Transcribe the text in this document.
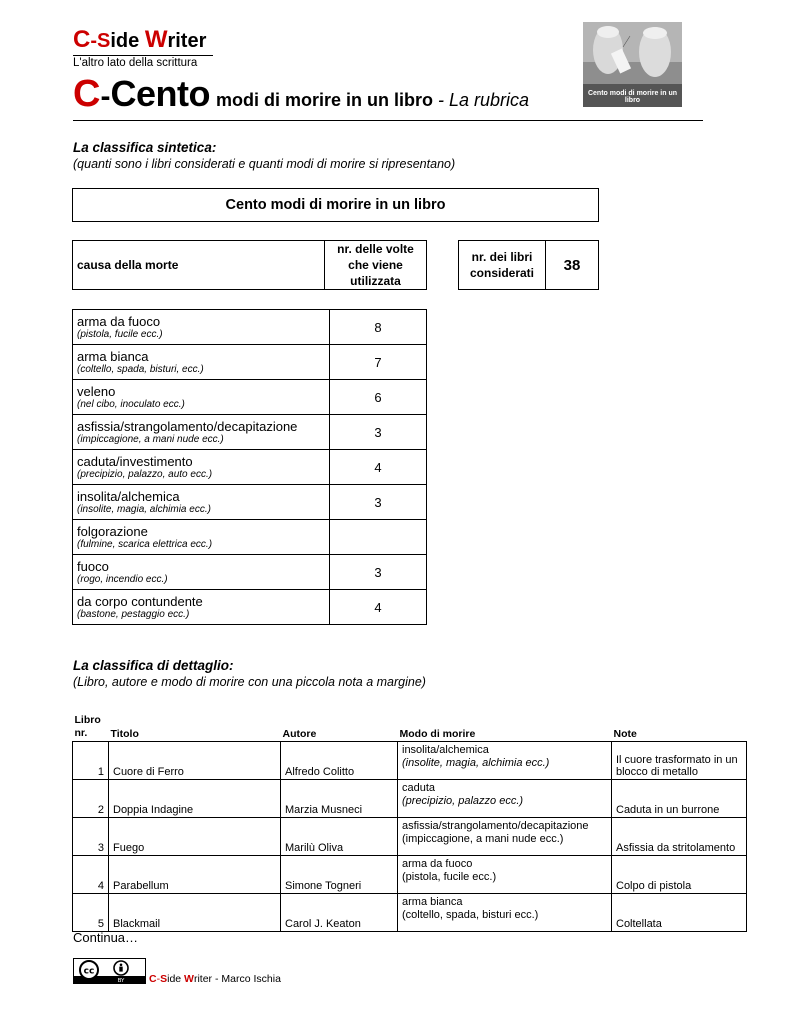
C-Side Writer
L'altro lato della scrittura
C-Cento modi di morire in un libro - La rubrica	Cento modi di morire in un libro
La classifica sintetica:
(quanti sono i libri considerati e quanti modi di morire si ripresentano)
Cento modi di morire in un libro
causa della morte
nr. delle volte che viene utilizzata
nr. dei libri considerati	38
arma da fuoco
(pistola, fucile ecc.)	8

arma bianca
(coltello, spada, bisturi, ecc.)	7

veleno
(nel cibo, inoculato ecc.)	6

asfissia/strangolamento/decapitazione
(impiccagione, a mani nude ecc.)	3

caduta/investimento
(precipizio, palazzo, auto ecc.)	4

insolita/alchemica
(insolite, magia, alchimia ecc.)	3

folgorazione
(fulmine, scarica elettrica ecc.)	

fuoco
(rogo, incendio ecc.)	3

da corpo contundente
(bastone, pestaggio ecc.)	4
La classifica di dettaglio:
(Libro, autore e modo di morire con una piccola nota a margine)
Libro
nr.	Titolo	Autore	Modo di morire	Note
1	Cuore di Ferro	Alfredo Colitto	insolita/alchemica
(insolite, magia, alchimia ecc.)	Il cuore trasformato in un blocco di metallo
2	Doppia Indagine	Marzia Musneci	caduta
(precipizio, palazzo ecc.)	Caduta in un burrone
3	Fuego	Marilù Oliva	asfissia/strangolamento/decapitazione
(impiccagione, a mani nude ecc.)	Asfissia da stritolamento
4	Parabellum	Simone Togneri	arma da fuoco
(pistola, fucile ecc.)	Colpo di pistola
5	Blackmail	Carol J. Keaton	arma bianca
(coltello, spada, bisturi ecc.)	Coltellata
Continua…
cc
BY C-Side Writer - Marco Ischia
